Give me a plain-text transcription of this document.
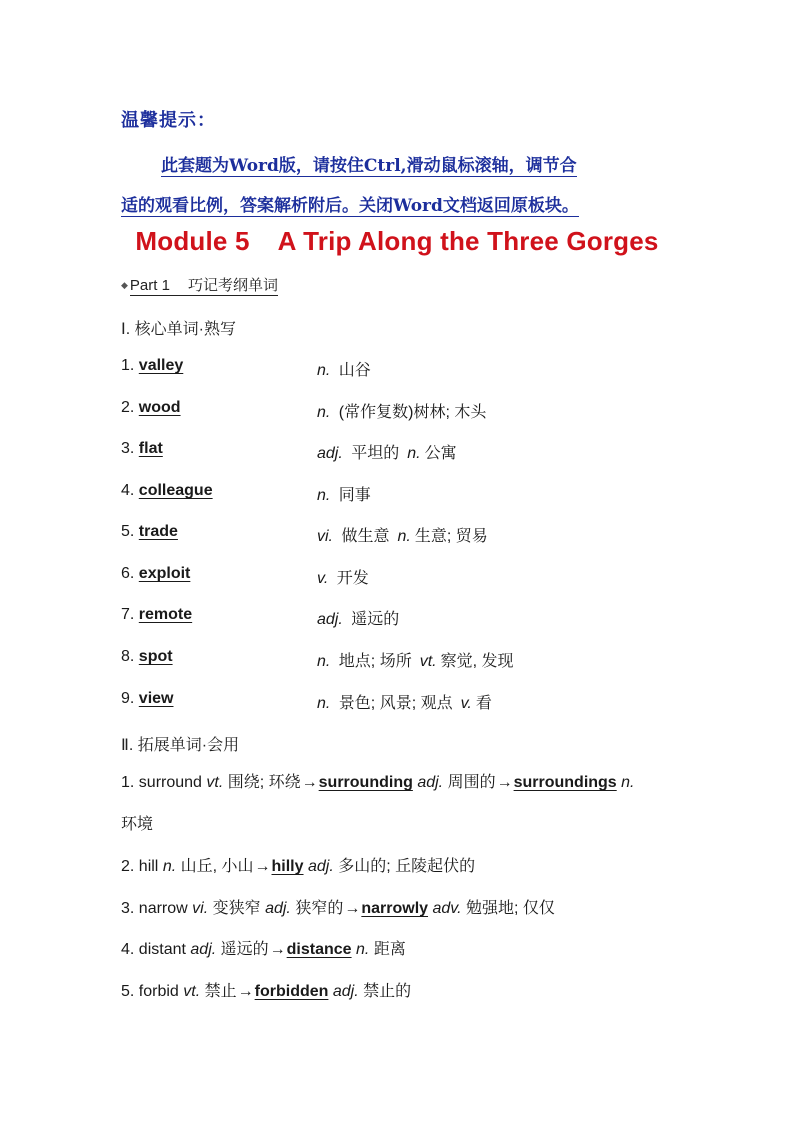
温馨提示：
此套题为Word版，请按住Ctrl,滑动鼠标滚轴，调节合
适的观看比例，答案解析附后。关闭Word文档返回原板块。
Module 5 A Trip Along the Three Gorges
◆ Part 1 巧记考纲单词
Ⅰ. 核心单词·熟写
1. valley	n. 山谷
2. wood	n. (常作复数)树林; 木头
3. flat	adj. 平坦的 n. 公寓
4. colleague	n. 同事
5. trade	vi. 做生意 n. 生意; 贸易
6. exploit	v. 开发
7. remote	adj. 遥远的
8. spot	n. 地点; 场所 vt. 察觉, 发现
9. view	n. 景色; 风景; 观点 v. 看
Ⅱ. 拓展单词·会用
1. surround vt. 围绕; 环绕→surrounding adj. 周围的→surroundings n.
环境
2. hill n. 山丘, 小山→hilly adj. 多山的; 丘陵起伏的
3. narrow vi. 变狭窄 adj. 狭窄的→narrowly adv. 勉强地; 仅仅
4. distant adj. 遥远的→distance n. 距离
5. forbid vt. 禁止→forbidden adj. 禁止的
